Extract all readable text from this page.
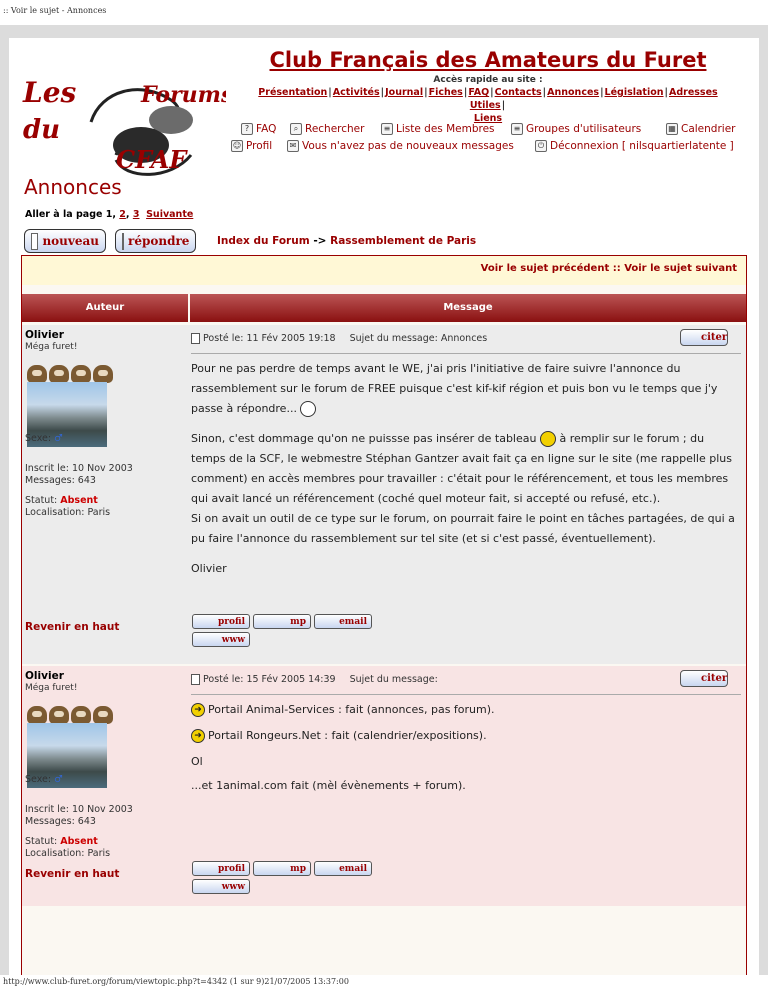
:: Voir le sujet - Annonces
Les	Forums
du
CFAF
Club Français des Amateurs du Furet
Accès rapide au site :
Présentation|Activités|Journal|Fiches|FAQ|Contacts|Annonces|Législation|Adresses Utiles|
Liens
? FAQ	⌕ Rechercher	≡ Liste des Membres	≡ Groupes d'utilisateurs	▦ Calendrier
☺ Profil	✉ Vous n'avez pas de nouveaux messages	⏻ Déconnexion [ nilsquartierlatente ]
Annonces
Aller à la page 1, 2, 3 Suivante
nouveau répondre	Index du Forum -> Rassemblement de Paris
Voir le sujet précédent :: Voir le sujet suivant
Auteur	Message
Olivier
Méga furet!
Sexe: ♂
Inscrit le: 10 Nov 2003
Messages: 643
Statut: Absent
Localisation: Paris
Revenir en haut
Posté le: 11 Fév 2005 19:18 Sujet du message: Annonces	citer

Pour ne pas perdre de temps avant le WE, j'ai pris l'initiative de faire suivre l'annonce du rassemblement sur le forum de FREE puisque c'est kif-kif région et puis bon vu le temps que j'y passe à répondre...

Sinon, c'est dommage qu'on ne puissse pas insérer de tableau à remplir sur le forum ; du temps de la SCF, le webmestre Stéphan Gantzer avait fait ça en ligne sur le site (me rappelle plus comment) en accès membres pour travailler : c'était pour le référencement, et tous les membres qui avait lancé un référencement (coché quel moteur fait, si accepté ou refusé, etc.).

Si on avait un outil de ce type sur le forum, on pourrait faire le point en tâches partagées, de qui a pu faire l'annonce du rassemblement sur tel site (et si c'est passé, éventuellement).

Olivier

profil	mp	email
www
Olivier
Méga furet!
Sexe: ♂
Inscrit le: 10 Nov 2003
Messages: 643
Statut: Absent
Localisation: Paris
Revenir en haut
Posté le: 15 Fév 2005 14:39 Sujet du message:	citer

➜ Portail Animal-Services : fait (annonces, pas forum).

➜ Portail Rongeurs.Net : fait (calendrier/expositions).

Ol

...et 1animal.com fait (mèl évènements + forum).

profil	mp	email
www
http://www.club-furet.org/forum/viewtopic.php?t=4342 (1 sur 9)21/07/2005 13:37:00
